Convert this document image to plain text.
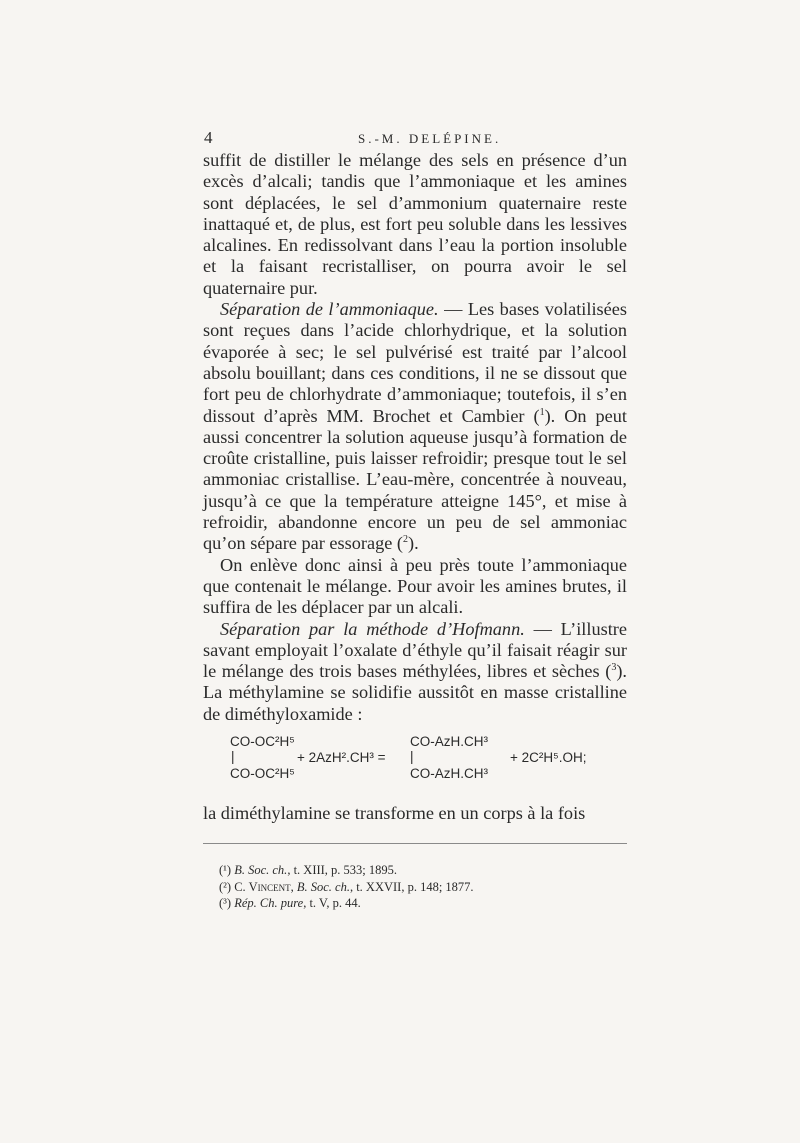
4	S.-M. DELÉPINE.

suffit de distiller le mélange des sels en présence d’un excès d’alcali; tandis que l’ammoniaque et les amines sont déplacées, le sel d’ammonium quaternaire reste inattaqué et, de plus, est fort peu soluble dans les lessives alcalines. En redissolvant dans l’eau la portion insoluble et la faisant recristalliser, on pourra avoir le sel quaternaire pur.

Séparation de l’ammoniaque. — Les bases volatilisées sont reçues dans l’acide chlorhydrique, et la solution évaporée à sec; le sel pulvérisé est traité par l’alcool absolu bouillant; dans ces conditions, il ne se dissout que fort peu de chlorhydrate d’ammoniaque; toutefois, il s’en dissout d’après MM. Brochet et Cambier ($^1$). On peut aussi concentrer la solution aqueuse jusqu’à formation de croûte cristalline, puis laisser refroidir; presque tout le sel ammoniac cristallise. L’eau-mère, concentrée à nouveau, jusqu’à ce que la température atteigne 145°, et mise à refroidir, abandonne encore un peu de sel ammoniac qu’on sépare par essorage ($^2$).

On enlève donc ainsi à peu près toute l’ammoniaque que contenait le mélange. Pour avoir les amines brutes, il suffira de les déplacer par un alcali.

Séparation par la méthode d’Hofmann. — L’illustre savant employait l’oxalate d’éthyle qu’il faisait réagir sur le mélange des trois bases méthylées, libres et sèches ($^3$). La méthylamine se solidifie aussitôt en masse cristalline de diméthyloxamide :

CO-OC²H⁵
|
CO-OC²H⁵
+ 2AzH².CH³ =
CO-AzH.CH³
|
CO-AzH.CH³
+ 2C²H⁵.OH;
la diméthylamine se transforme en un corps à la fois
(¹) B. Soc. ch., t. XIII, p. 533; 1895.
(²) C. Vincent, B. Soc. ch., t. XXVII, p. 148; 1877.
(³) Rép. Ch. pure, t. V, p. 44.
